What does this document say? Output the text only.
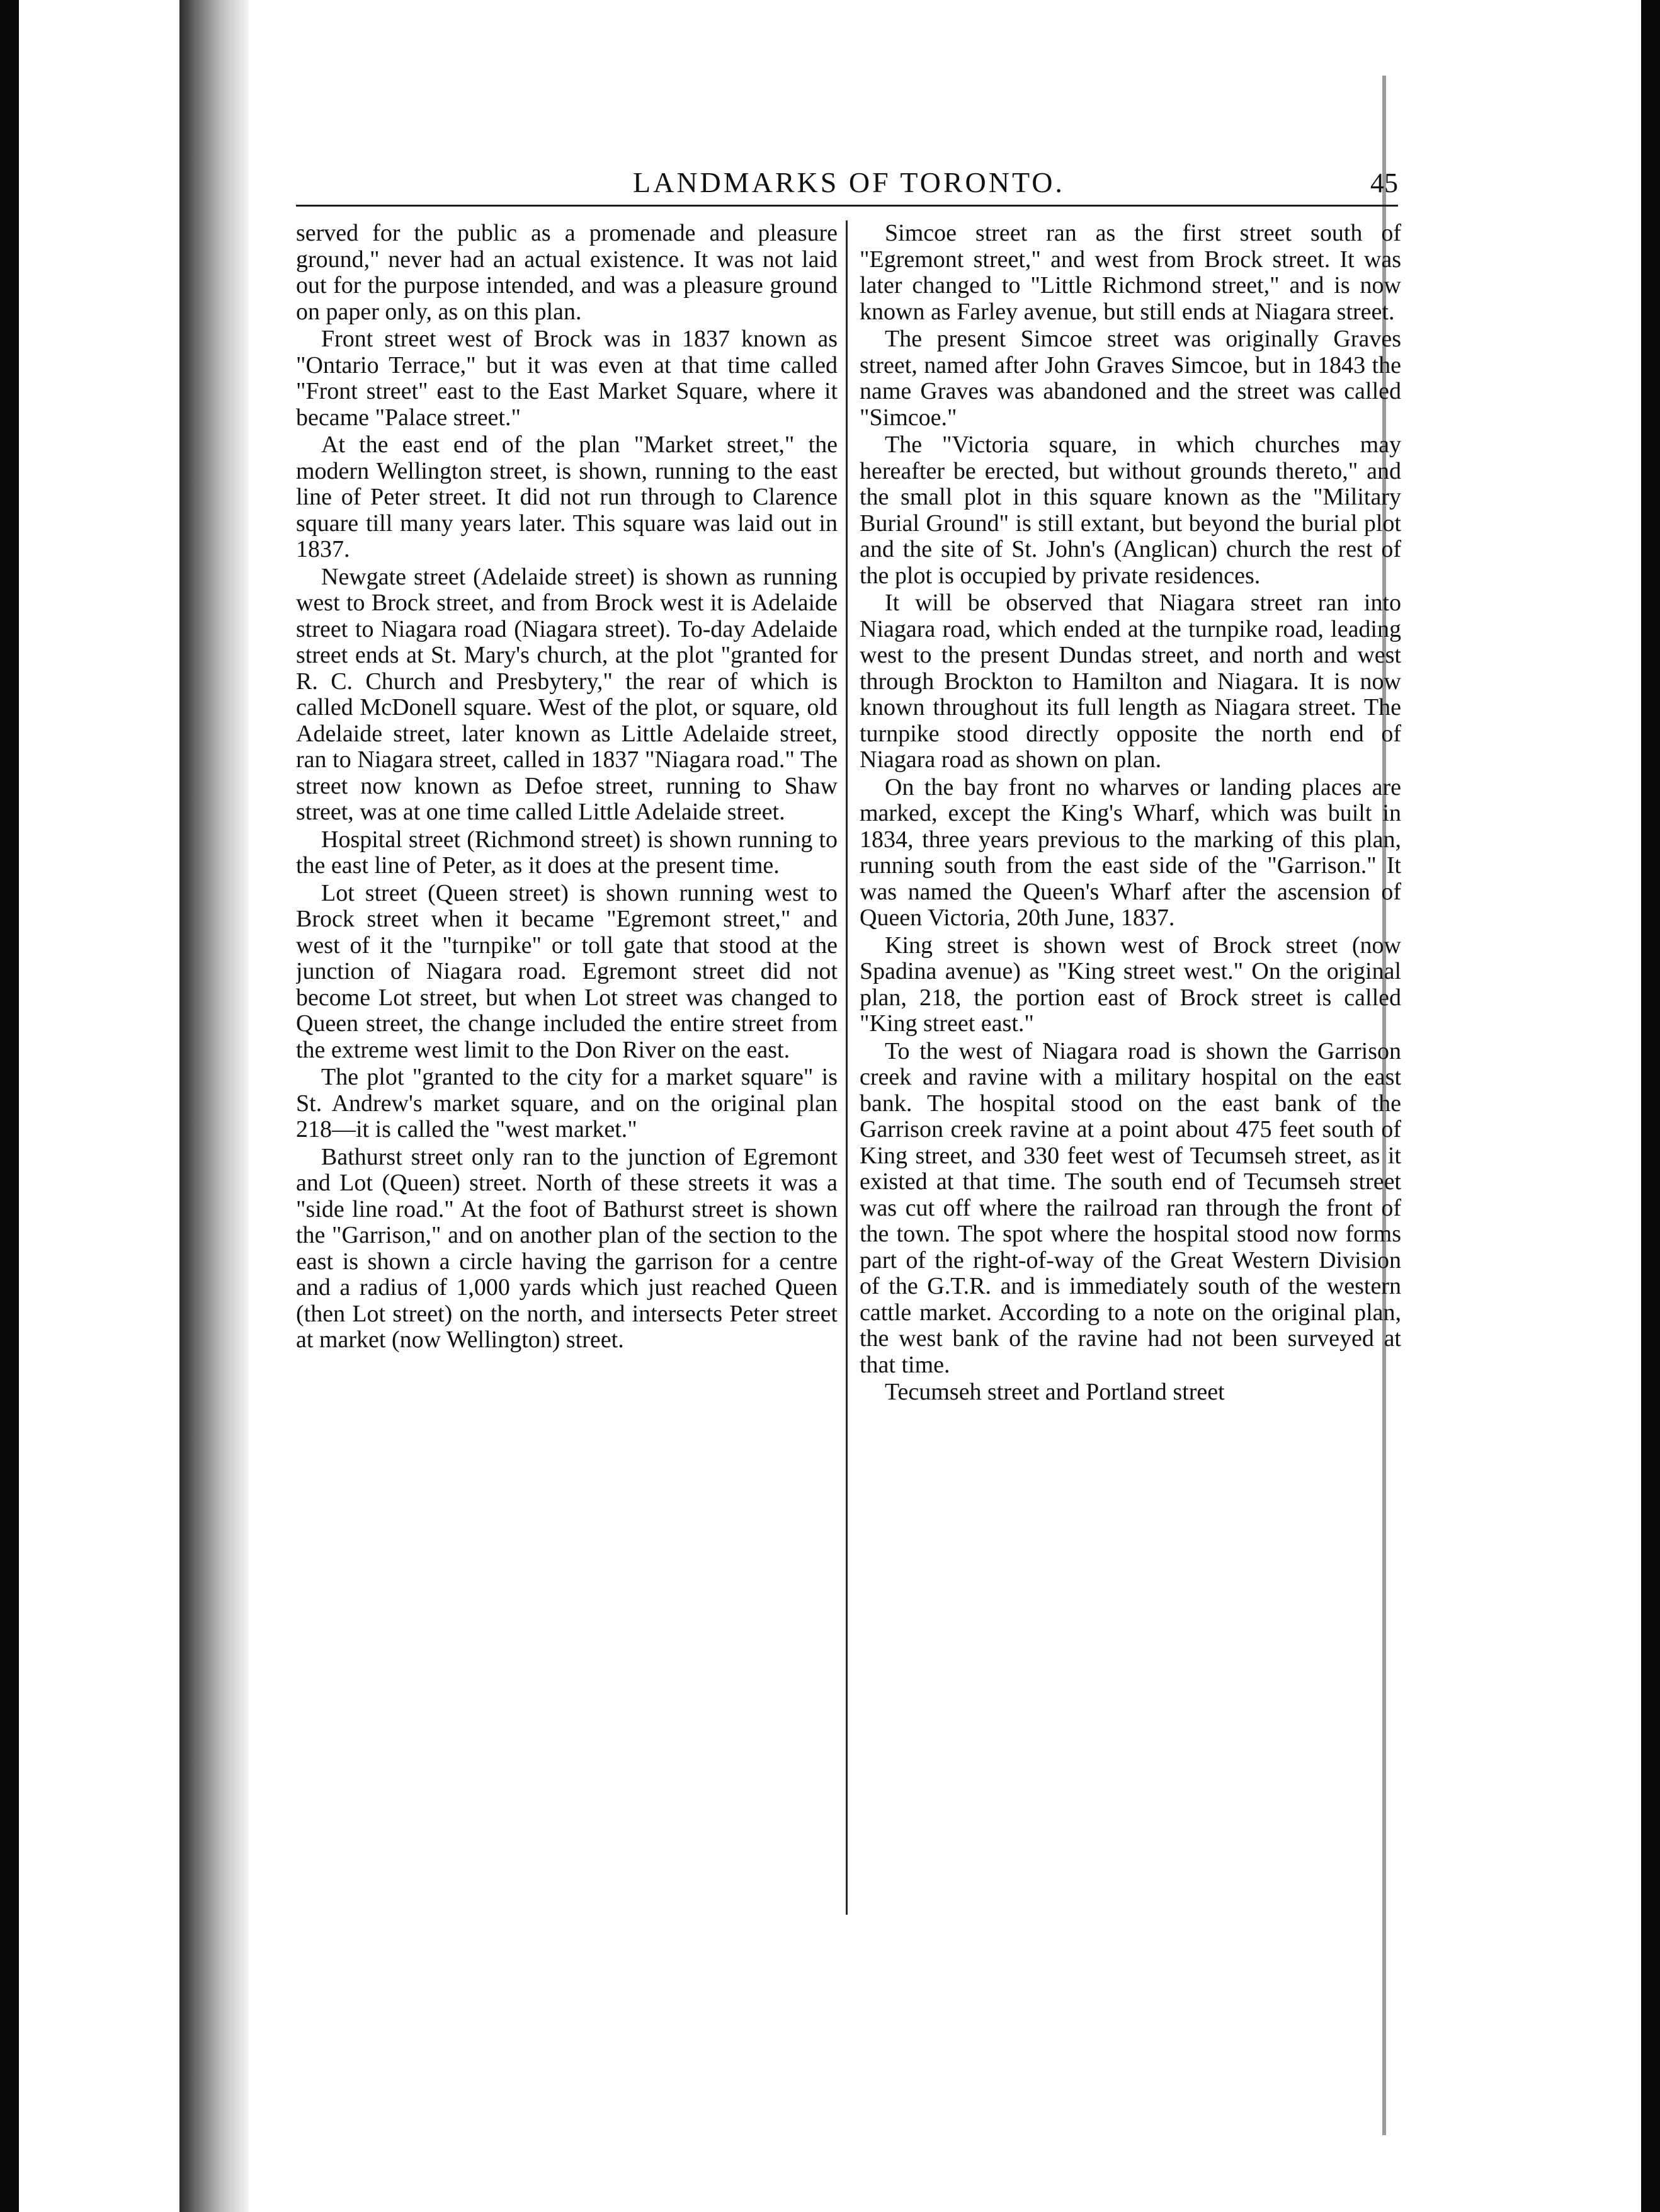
LANDMARKS OF TORONTO.	45

served for the public as a promenade and pleasure ground," never had an actual existence. It was not laid out for the purpose intended, and was a pleasure ground on paper only, as on this plan.

Front street west of Brock was in 1837 known as "Ontario Terrace," but it was even at that time called "Front street" east to the East Market Square, where it became "Palace street."

At the east end of the plan "Market street," the modern Wellington street, is shown, running to the east line of Peter street. It did not run through to Clarence square till many years later. This square was laid out in 1837.

Newgate street (Adelaide street) is shown as running west to Brock street, and from Brock west it is Adelaide street to Niagara road (Niagara street). To-day Adelaide street ends at St. Mary's church, at the plot "granted for R. C. Church and Presbytery," the rear of which is called McDonell square. West of the plot, or square, old Adelaide street, later known as Little Adelaide street, ran to Niagara street, called in 1837 "Niagara road." The street now known as Defoe street, running to Shaw street, was at one time called Little Adelaide street.

Hospital street (Richmond street) is shown running to the east line of Peter, as it does at the present time.

Lot street (Queen street) is shown running west to Brock street when it became "Egremont street," and west of it the "turnpike" or toll gate that stood at the junction of Niagara road. Egremont street did not become Lot street, but when Lot street was changed to Queen street, the change included the entire street from the extreme west limit to the Don River on the east.

The plot "granted to the city for a market square" is St. Andrew's market square, and on the original plan 218—it is called the "west market."

Bathurst street only ran to the junction of Egremont and Lot (Queen) street. North of these streets it was a "side line road." At the foot of Bathurst street is shown the "Garrison," and on another plan of the section to the east is shown a circle having the garrison for a centre and a radius of 1,000 yards which just reached Queen (then Lot street) on the north, and intersects Peter street at market (now Wellington) street.

Simcoe street ran as the first street south of "Egremont street," and west from Brock street. It was later changed to "Little Richmond street," and is now known as Farley avenue, but still ends at Niagara street.

The present Simcoe street was originally Graves street, named after John Graves Simcoe, but in 1843 the name Graves was abandoned and the street was called "Simcoe."

The "Victoria square, in which churches may hereafter be erected, but without grounds thereto," and the small plot in this square known as the "Military Burial Ground" is still extant, but beyond the burial plot and the site of St. John's (Anglican) church the rest of the plot is occupied by private residences.

It will be observed that Niagara street ran into Niagara road, which ended at the turnpike road, leading west to the present Dundas street, and north and west through Brockton to Hamilton and Niagara. It is now known throughout its full length as Niagara street. The turnpike stood directly opposite the north end of Niagara road as shown on plan.

On the bay front no wharves or landing places are marked, except the King's Wharf, which was built in 1834, three years previous to the marking of this plan, running south from the east side of the "Garrison." It was named the Queen's Wharf after the ascension of Queen Victoria, 20th June, 1837.

King street is shown west of Brock street (now Spadina avenue) as "King street west." On the original plan, 218, the portion east of Brock street is called "King street east."

To the west of Niagara road is shown the Garrison creek and ravine with a military hospital on the east bank. The hospital stood on the east bank of the Garrison creek ravine at a point about 475 feet south of King street, and 330 feet west of Tecumseh street, as it existed at that time. The south end of Tecumseh street was cut off where the railroad ran through the front of the town. The spot where the hospital stood now forms part of the right-of-way of the Great Western Division of the G.T.R. and is immediately south of the western cattle market. According to a note on the original plan, the west bank of the ravine had not been surveyed at that time.

Tecumseh street and Portland street
